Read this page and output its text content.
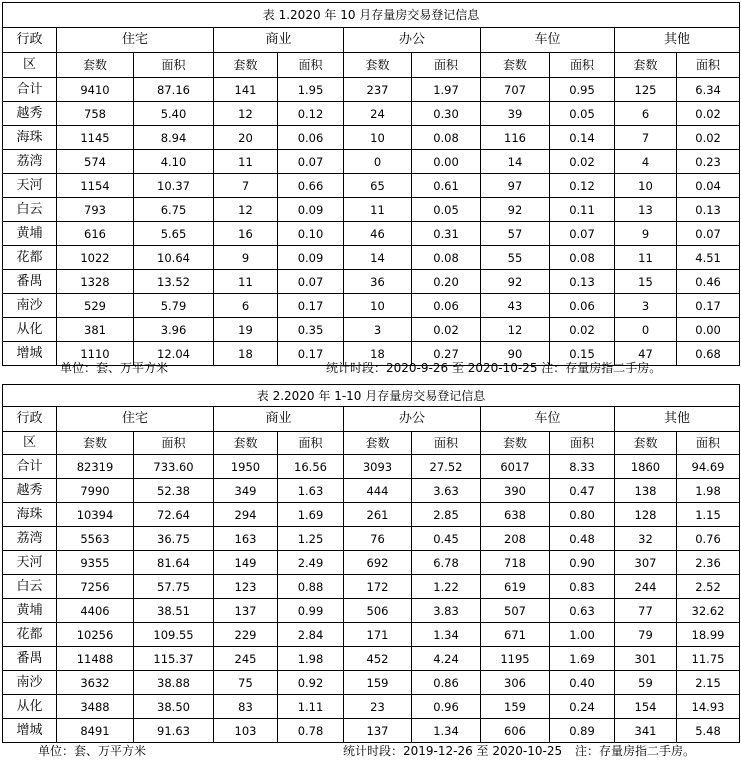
表 1.2020 年 10 月存量房交易登记信息										
行政	住宅		商业		办公		车位		其他	
区	套数	面积	套数	面积	套数	面积	套数	面积	套数	面积
合计	9410	87.16	141	1.95	237	1.97	707	0.95	125	6.34
越秀	758	5.40	12	0.12	24	0.30	39	0.05	6	0.02
海珠	1145	8.94	20	0.06	10	0.08	116	0.14	7	0.02
荔湾	574	4.10	11	0.07	0	0.00	14	0.02	4	0.23
天河	1154	10.37	7	0.66	65	0.61	97	0.12	10	0.04
白云	793	6.75	12	0.09	11	0.05	92	0.11	13	0.13
黄埔	616	5.65	16	0.10	46	0.31	57	0.07	9	0.07
花都	1022	10.64	9	0.09	14	0.08	55	0.08	11	4.51
番禺	1328	13.52	11	0.07	36	0.20	92	0.13	15	0.46
南沙	529	5.79	6	0.17	10	0.06	43	0.06	3	0.17
从化	381	3.96	19	0.35	3	0.02	12	0.02	0	0.00
增城	1110	12.04	18	0.17	18	0.27	90	0.15	47	0.68
单位：套、万平方米	统计时段：2020-9-26 至 2020-10-25 注：存量房指二手房。
表 2.2020 年 1-10 月存量房交易登记信息										
行政	住宅		商业		办公		车位		其他	
区	套数	面积	套数	面积	套数	面积	套数	面积	套数	面积
合计	82319	733.60	1950	16.56	3093	27.52	6017	8.33	1860	94.69
越秀	7990	52.38	349	1.63	444	3.63	390	0.47	138	1.98
海珠	10394	72.64	294	1.69	261	2.85	638	0.80	128	1.15
荔湾	5563	36.75	163	1.25	76	0.45	208	0.48	32	0.76
天河	9355	81.64	149	2.49	692	6.78	718	0.90	307	2.36
白云	7256	57.75	123	0.88	172	1.22	619	0.83	244	2.52
黄埔	4406	38.51	137	0.99	506	3.83	507	0.63	77	32.62
花都	10256	109.55	229	2.84	171	1.34	671	1.00	79	18.99
番禺	11488	115.37	245	1.98	452	4.24	1195	1.69	301	11.75
南沙	3632	38.88	75	0.92	159	0.86	306	0.40	59	2.15
从化	3488	38.50	83	1.11	23	0.96	159	0.24	154	14.93
增城	8491	91.63	103	0.78	137	1.34	606	0.89	341	5.48
单位：套、万平方米	统计时段：2019-12-26 至 2020-10-25 注：存量房指二手房。
